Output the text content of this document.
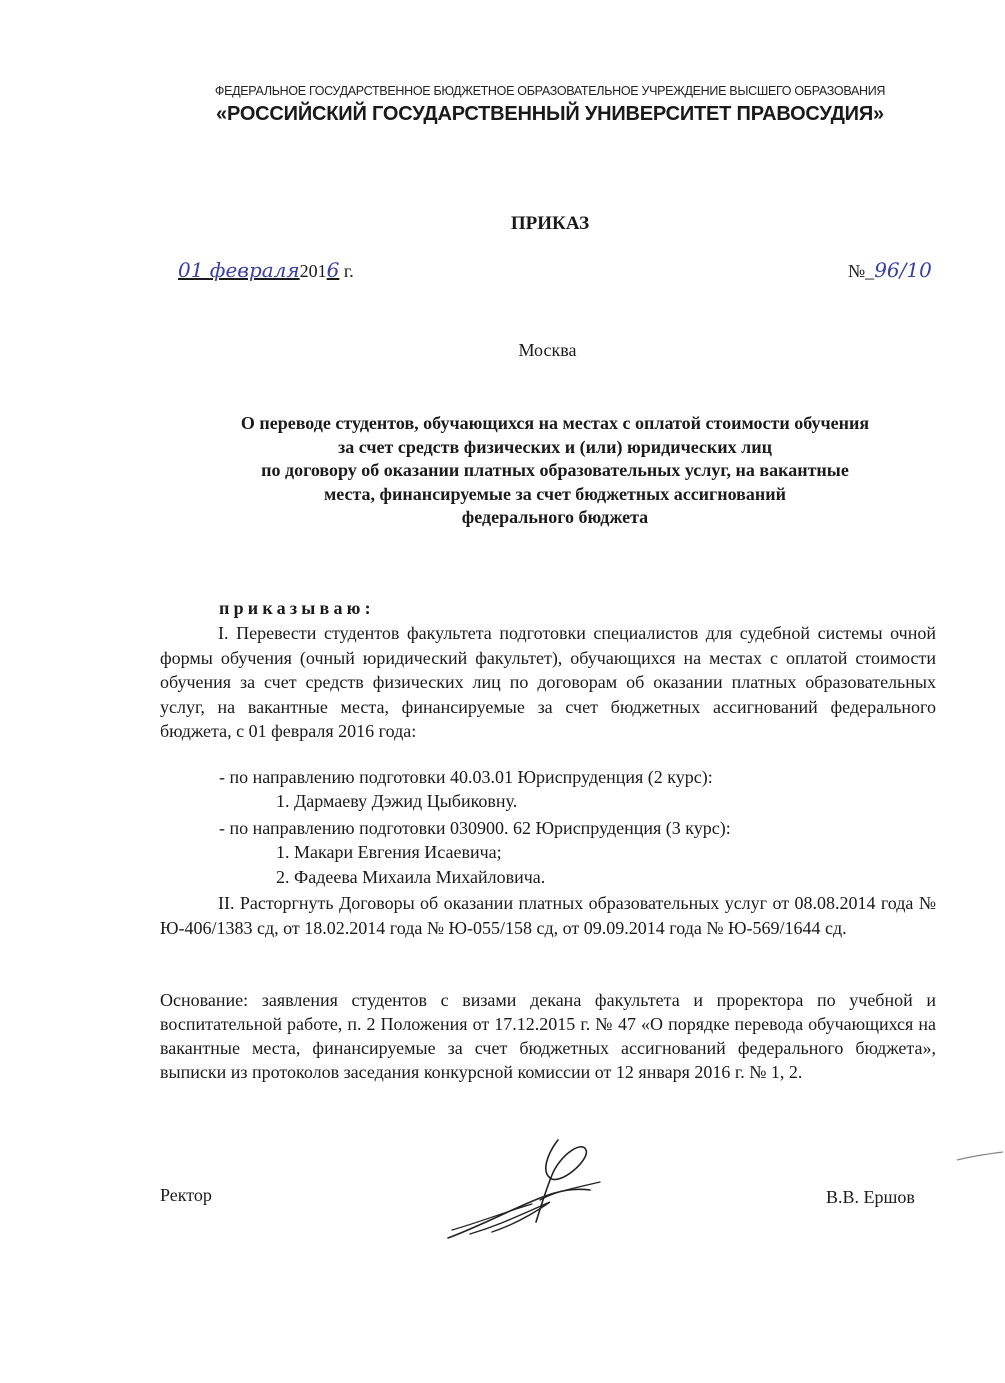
ФЕДЕРАЛЬНОЕ ГОСУДАРСТВЕННОЕ БЮДЖЕТНОЕ ОБРАЗОВАТЕЛЬНОЕ УЧРЕЖДЕНИЕ ВЫСШЕГО ОБРАЗОВАНИЯ
«РОССИЙСКИЙ ГОСУДАРСТВЕННЫЙ УНИВЕРСИТЕТ ПРАВОСУДИЯ»
ПРИКАЗ
01 февраля2016 г.	№_96/10
Москва
О переводе студентов, обучающихся на местах с оплатой стоимости обучения
за счет средств физических и (или) юридических лиц
по договору об оказании платных образовательных услуг, на вакантные
места, финансируемые за счет бюджетных ассигнований
федерального бюджета
приказываю:
I. Перевести студентов факультета подготовки специалистов для судебной системы очной формы обучения (очный юридический факультет), обучающихся на местах с оплатой стоимости обучения за счет средств физических лиц по договорам об оказании платных образовательных услуг, на вакантные места, финансируемые за счет бюджетных ассигнований федерального бюджета, с 01 февраля 2016 года:
- по направлению подготовки 40.03.01 Юриспруденция (2 курс):
1. Дармаеву Дэжид Цыбиковну.
- по направлению подготовки 030900. 62 Юриспруденция (3 курс):
1. Макари Евгения Исаевича;
2. Фадеева Михаила Михайловича.
II. Расторгнуть Договоры об оказании платных образовательных услуг от 08.08.2014 года № Ю-406/1383 сд, от 18.02.2014 года № Ю-055/158 сд, от 09.09.2014 года № Ю-569/1644 сд.
Основание: заявления студентов с визами декана факультета и проректора по учебной и воспитательной работе, п. 2 Положения от 17.12.2015 г. № 47 «О порядке перевода обучающихся на вакантные места, финансируемые за счет бюджетных ассигнований федерального бюджета», выписки из протоколов заседания конкурсной комиссии от 12 января 2016 г. № 1, 2.
Ректор	В.В. Ершов
